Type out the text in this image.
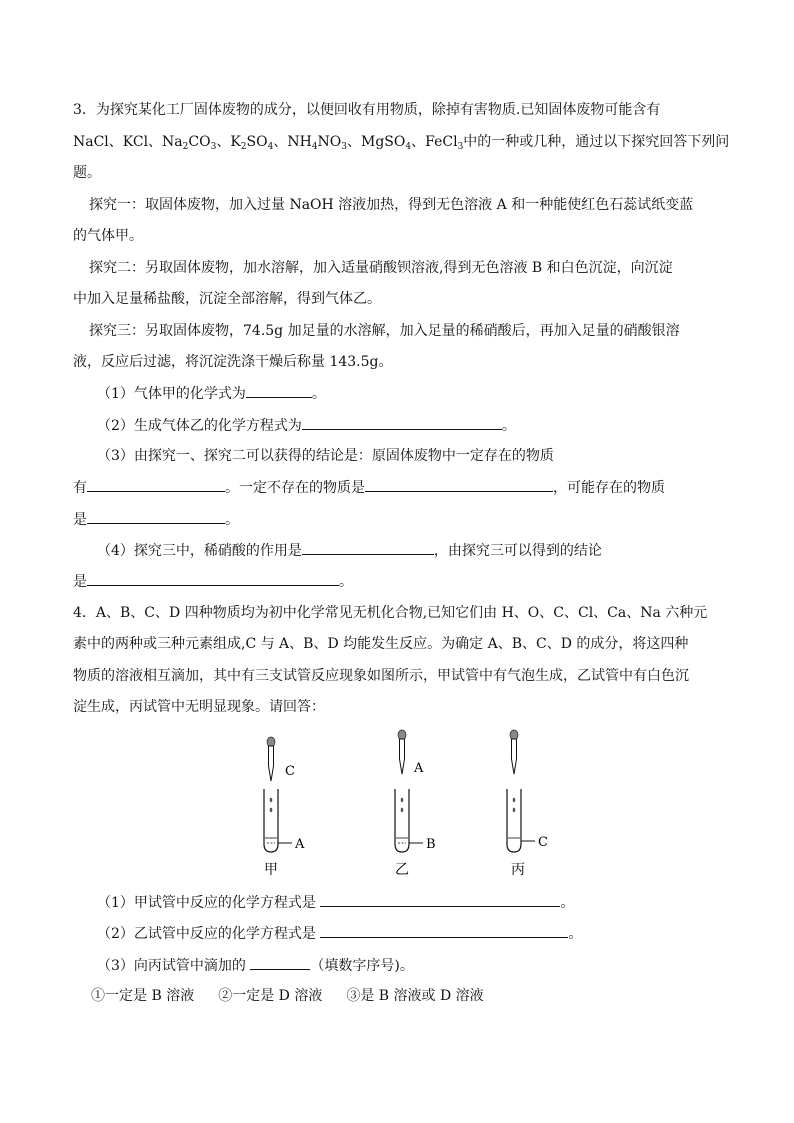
3．为探究某化工厂固体废物的成分，以便回收有用物质，除掉有害物质.已知固体废物可能含有
NaCl、KCl、$Na_2CO_3$、$K_2SO_4$、$NH_4NO_3$、MgSO$_4$、FeCl$_3$中的一种或几种，通过以下探究回答下列问
题。
探究一：取固体废物，加入过量 NaOH 溶液加热，得到无色溶液 A 和一种能使红色石蕊试纸变蓝
的气体甲。
探究二：另取固体废物，加水溶解，加入适量硝酸钡溶液,得到无色溶液 B 和白色沉淀，向沉淀
中加入足量稀盐酸，沉淀全部溶解，得到气体乙。
探究三：另取固体废物，74.5g 加足量的水溶解，加入足量的稀硝酸后，再加入足量的硝酸银溶
液，反应后过滤，将沉淀洗涤干燥后称量 143.5g。
（1）气体甲的化学式为	。
（2）生成气体乙的化学方程式为	。
（3）由探究一、探究二可以获得的结论是：原固体废物中一定存在的物质
有	。一定不存在的物质是	，可能存在的物质
是	。
（4）探究三中，稀硝酸的作用是	，由探究三可以得到的结论
是	。
4．A、B、C、D 四种物质均为初中化学常见无机化合物,已知它们由 H、O、C、Cl、Ca、Na 六种元
素中的两种或三种元素组成,C 与 A、B、D 均能发生反应。为确定 A、B、C、D 的成分，将这四种
物质的溶液相互滴加，其中有三支试管反应现象如图所示，甲试管中有气泡生成，乙试管中有白色沉
淀生成，丙试管中无明显现象。请回答：
C
A
A
B	C
甲	乙	丙
（1）甲试管中反应的化学方程式是	。
（2）乙试管中反应的化学方程式是	。
（3）向丙试管中滴加的	（填数字序号)。
①一定是 B 溶液 ②一定是 D 溶液 ③是 B 溶液或 D 溶液
